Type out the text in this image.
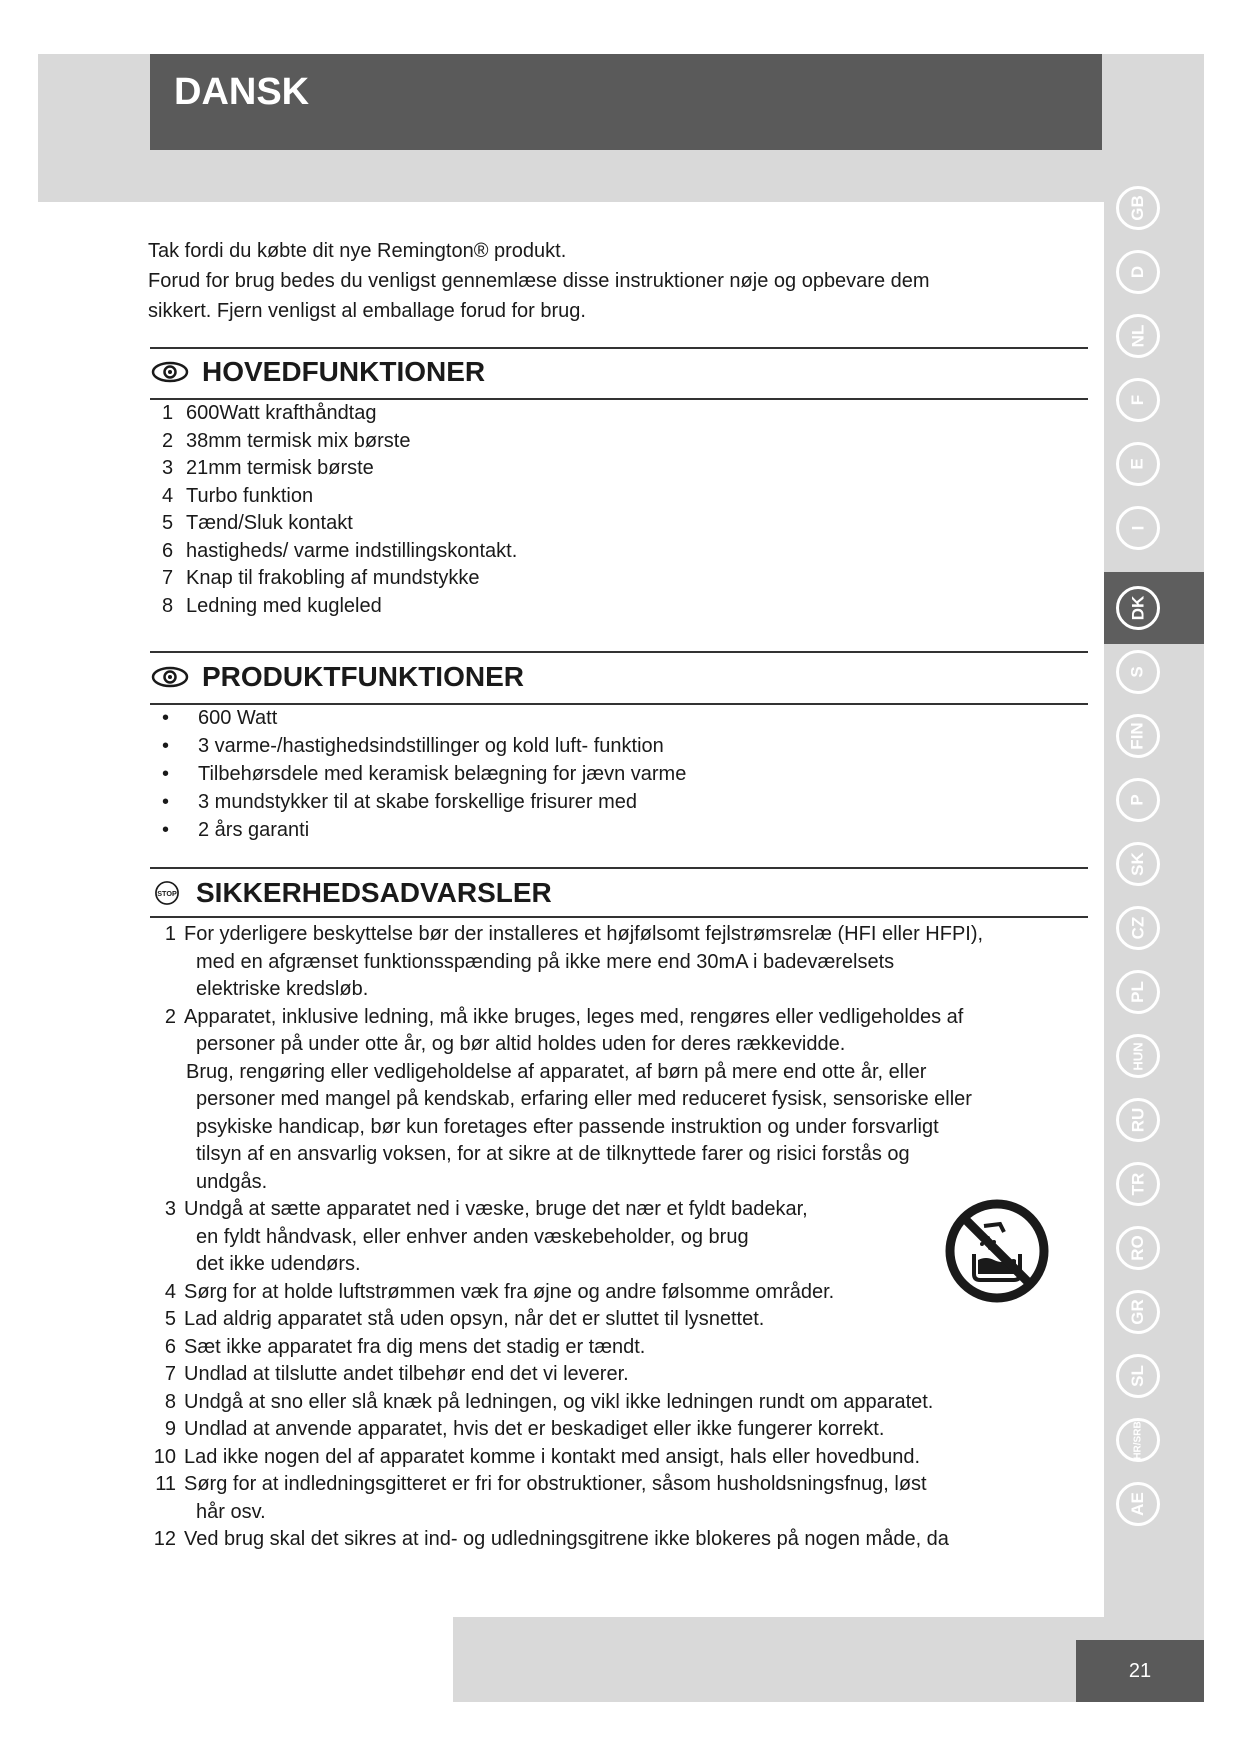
DANSK
GB
D
NL
F
E
I
DK
S
FIN
P
SK
CZ
PL
HUN
RU
TR
RO
GR
SL
HR/SRB
AE

Tak fordi du købte dit nye Remington® produkt.

Forud for brug bedes du venligst gennemlæse disse instruktioner nøje og opbevare dem

sikkert. Fjern venligst al emballage forud for brug.

HOVEDFUNKTIONER
1 600Watt krafthåndtag
2 38mm termisk mix børste
3 21mm termisk børste
4 Turbo funktion
5 Tænd/Sluk kontakt
6 hastigheds/ varme indstillingskontakt.
7 Knap til frakobling af mundstykke
8 Ledning med kugleled
PRODUKTFUNKTIONER
• 600 Watt
• 3 varme-/hastighedsindstillinger og kold luft- funktion
• Tilbehørsdele med keramisk belægning for jævn varme
• 3 mundstykker til at skabe forskellige frisurer med
• 2 års garanti
STOP SIKKERHEDSADVARSLER
1 For yderligere beskyttelse bør der installeres et højfølsomt fejlstrømsrelæ (HFI eller HFPI),
med en afgrænset funktionsspænding på ikke mere end 30mA i badeværelsets
elektriske kredsløb.
2 Apparatet, inklusive ledning, må ikke bruges, leges med, rengøres eller vedligeholdes af
personer på under otte år, og bør altid holdes uden for deres rækkevidde.
Brug, rengøring eller vedligeholdelse af apparatet, af børn på mere end otte år, eller
personer med mangel på kendskab, erfaring eller med reduceret fysisk, sensoriske eller
psykiske handicap, bør kun foretages efter passende instruktion og under forsvarligt
tilsyn af en ansvarlig voksen, for at sikre at de tilknyttede farer og risici forstås og
undgås.
3 Undgå at sætte apparatet ned i væske, bruge det nær et fyldt badekar,
en fyldt håndvask, eller enhver anden væskebeholder, og brug
det ikke udendørs.
4 Sørg for at holde luftstrømmen væk fra øjne og andre følsomme områder.
5 Lad aldrig apparatet stå uden opsyn, når det er sluttet til lysnettet.
6 Sæt ikke apparatet fra dig mens det stadig er tændt.
7 Undlad at tilslutte andet tilbehør end det vi leverer.
8 Undgå at sno eller slå knæk på ledningen, og vikl ikke ledningen rundt om apparatet.
9 Undlad at anvende apparatet, hvis det er beskadiget eller ikke fungerer korrekt.
10 Lad ikke nogen del af apparatet komme i kontakt med ansigt, hals eller hovedbund.
11 Sørg for at indledningsgitteret er fri for obstruktioner, såsom husholdsningsfnug, løst
hår osv.
12 Ved brug skal det sikres at ind- og udledningsgitrene ikke blokeres på nogen måde, da
21
